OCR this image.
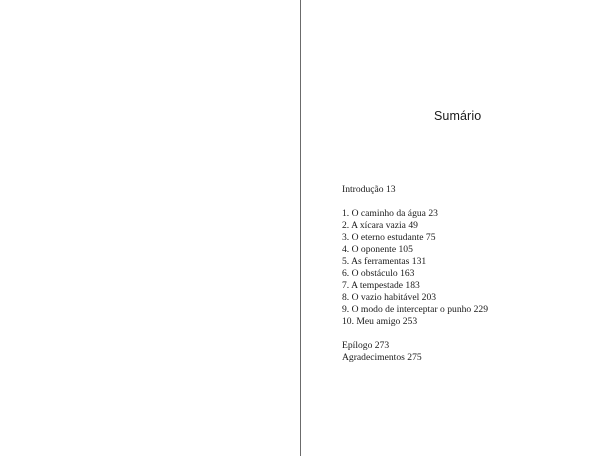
Sumário
Introdução 13
1. O caminho da água 23
2. A xícara vazia 49
3. O eterno estudante 75
4. O oponente 105
5. As ferramentas 131
6. O obstáculo 163
7. A tempestade 183
8. O vazio habitável 203
9. O modo de interceptar o punho 229
10. Meu amigo 253
Epílogo 273
Agradecimentos 275
